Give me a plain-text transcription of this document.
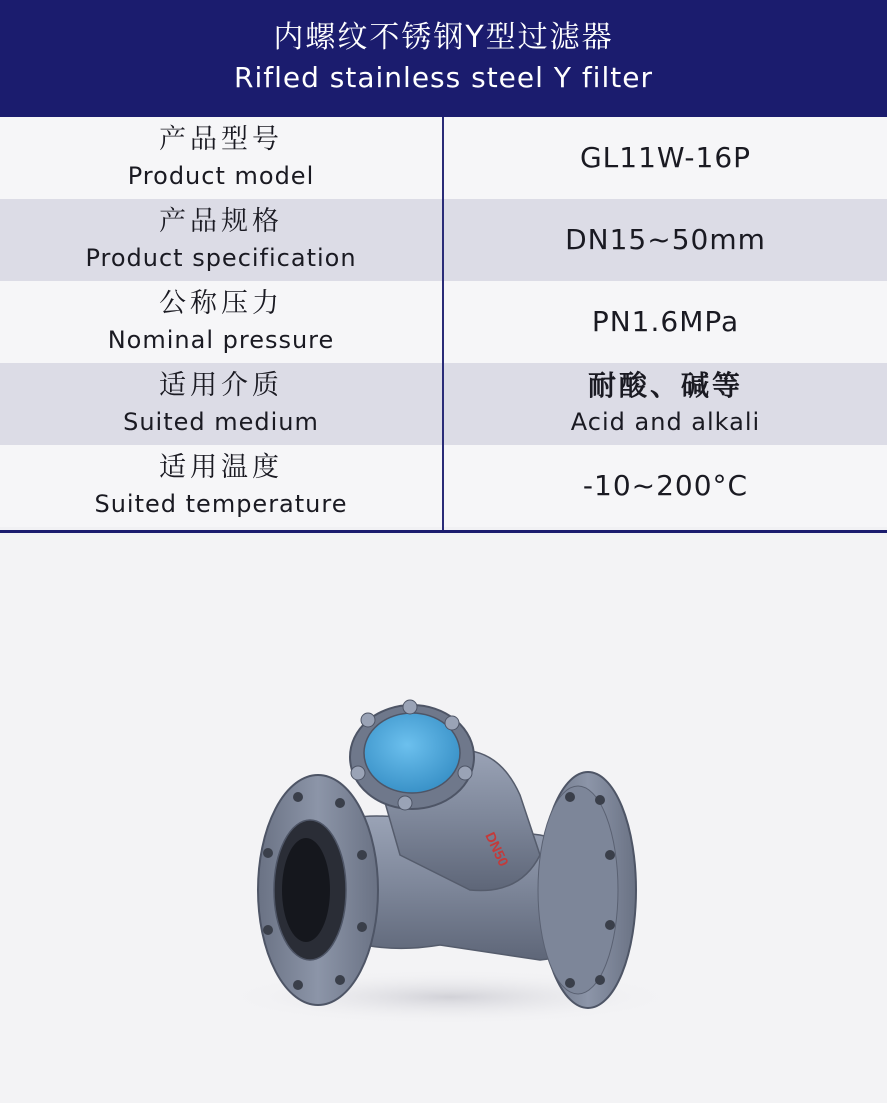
内螺纹不锈钢Y型过滤器
Rifled stainless steel Y filter
产品型号
Product model
GL11W-16P
产品规格
Product specification
DN15~50mm
公称压力
Nominal pressure
PN1.6MPa
适用介质
Suited medium
耐酸、碱等
Acid and alkali
适用温度
Suited temperature
-10~200°C
DN50
